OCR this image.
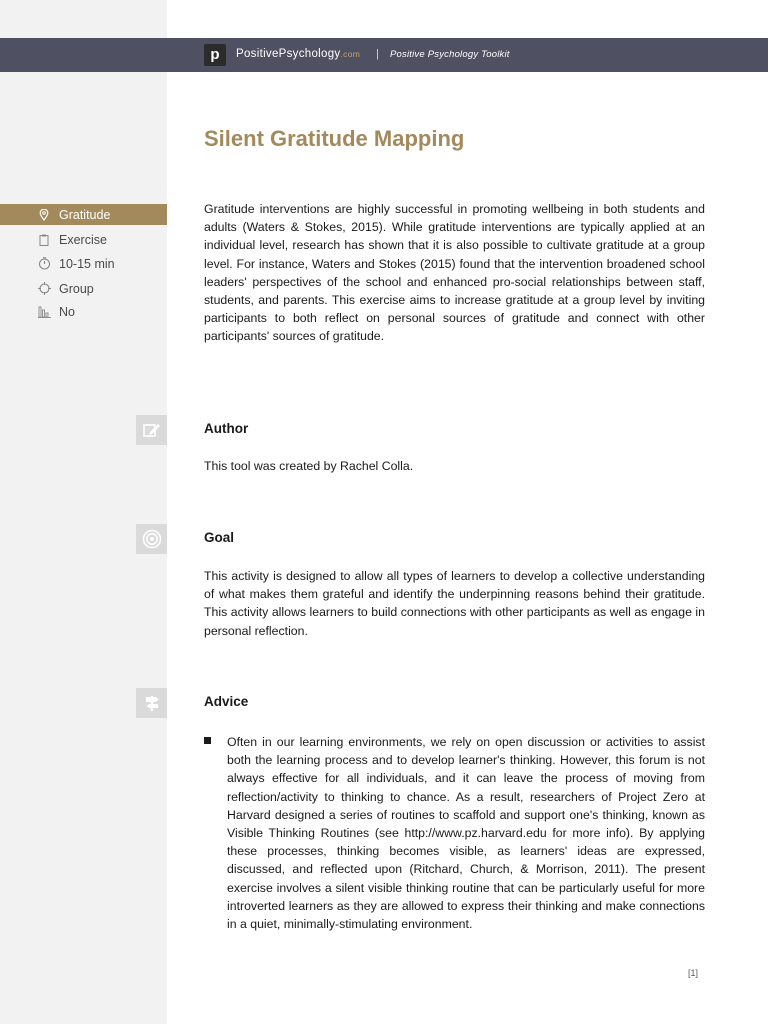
p	PositivePsychology.com | Positive Psychology Toolkit
Silent Gratitude Mapping
Gratitude
Exercise
10-15 min
Group
No

Gratitude interventions are highly successful in promoting wellbeing in both students and adults (Waters & Stokes, 2015). While gratitude interventions are typically applied at an individual level, research has shown that it is also possible to cultivate gratitude at a group level. For instance, Waters and Stokes (2015) found that the intervention broadened school leaders' perspectives of the school and enhanced pro-social relationships between staff, students, and parents. This exercise aims to increase gratitude at a group level by inviting participants to both reflect on personal sources of gratitude and connect with other participants' sources of gratitude.

Author

This tool was created by Rachel Colla.

Goal

This activity is designed to allow all types of learners to develop a collective understanding of what makes them grateful and identify the underpinning reasons behind their gratitude. This activity allows learners to build connections with other participants as well as engage in personal reflection.

Advice

Often in our learning environments, we rely on open discussion or activities to assist both the learning process and to develop learner's thinking. However, this forum is not always effective for all individuals, and it can leave the process of moving from reflection/activity to thinking to chance. As a result, researchers of Project Zero at Harvard designed a series of routines to scaffold and support one's thinking, known as Visible Thinking Routines (see http://www.pz.harvard.edu for more info). By applying these processes, thinking becomes visible, as learners' ideas are expressed, discussed, and reflected upon (Ritchard, Church, & Morrison, 2011). The present exercise involves a silent visible thinking routine that can be particularly useful for more introverted learners as they are allowed to express their thinking and make connections in a quiet, minimally-stimulating environment.

[1]
